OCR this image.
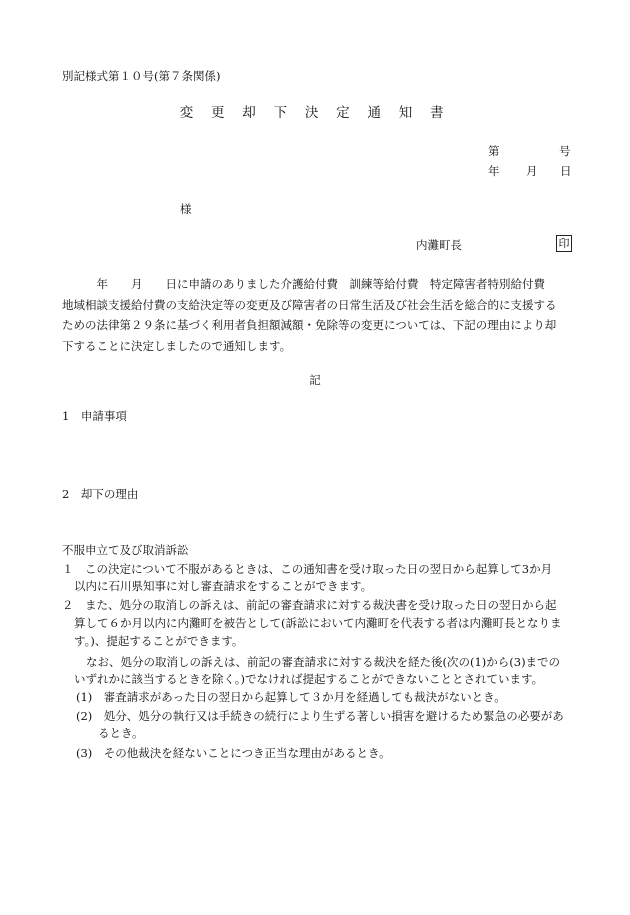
別記様式第１０号(第７条関係)
変 更 却 下 決 定 通 知 書
第	号
年 月 日
様
内灘町長	印

　　　年　　月　　日に申請のありました介護給付費　訓練等給付費　特定障害者特別給付費

地域相談支援給付費の支給決定等の変更及び障害者の日常生活及び社会生活を総合的に支援する

ための法律第２９条に基づく利用者負担額減額・免除等の変更については、下記の理由により却

下することに決定しましたので通知します。

記
1　申請事項
2　却下の理由
不服申立て及び取消訴訟
１　この決定について不服があるときは、この通知書を受け取った日の翌日から起算して3か月
以内に石川県知事に対し審査請求をすることができます。
２　また、処分の取消しの訴えは、前記の審査請求に対する裁決書を受け取った日の翌日から起
算して６か月以内に内灘町を被告として(訴訟において内灘町を代表する者は内灘町長となりま
す。)、提起することができます。
なお、処分の取消しの訴えは、前記の審査請求に対する裁決を経た後(次の(1)から(3)までの
いずれかに該当するときを除く。)でなければ提起することができないこととされています。
(1)　審査請求があった日の翌日から起算して３か月を経過しても裁決がないとき。
(2)　処分、処分の執行又は手続きの続行により生ずる著しい損害を避けるため緊急の必要があ
るとき。
(3)　その他裁決を経ないことにつき正当な理由があるとき。
